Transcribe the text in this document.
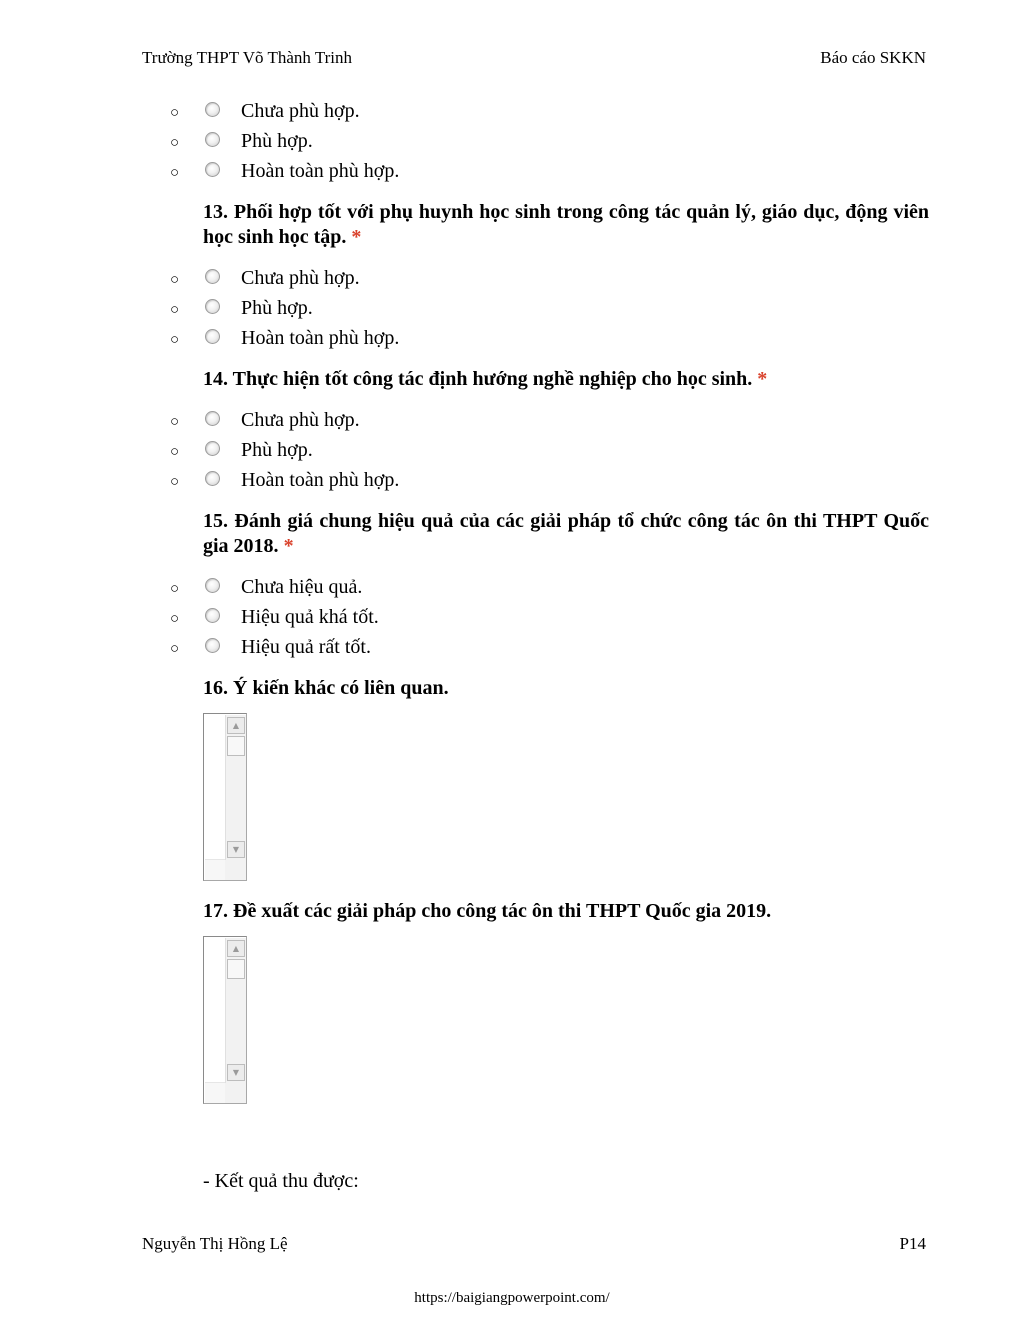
Trường THPT Võ Thành Trinh	Báo cáo SKKN
○	Chưa phù hợp.
○	Phù hợp.
○	Hoàn toàn phù hợp.
13. Phối hợp tốt với phụ huynh học sinh trong công tác quản lý, giáo dục, động viên học sinh học tập. *
○	Chưa phù hợp.
○	Phù hợp.
○	Hoàn toàn phù hợp.
14. Thực hiện tốt công tác định hướng nghề nghiệp cho học sinh. *
○	Chưa phù hợp.
○	Phù hợp.
○	Hoàn toàn phù hợp.
15. Đánh giá chung hiệu quả của các giải pháp tổ chức công tác ôn thi THPT Quốc gia 2018. *
○	Chưa hiệu quả.
○	Hiệu quả khá tốt.
○	Hiệu quả rất tốt.
16. Ý kiến khác có liên quan.
▲
▼
17. Đề xuất các giải pháp cho công tác ôn thi THPT Quốc gia 2019.
▲
▼
- Kết quả thu được:
Nguyễn Thị Hồng Lệ	P14
https://baigiangpowerpoint.com/
